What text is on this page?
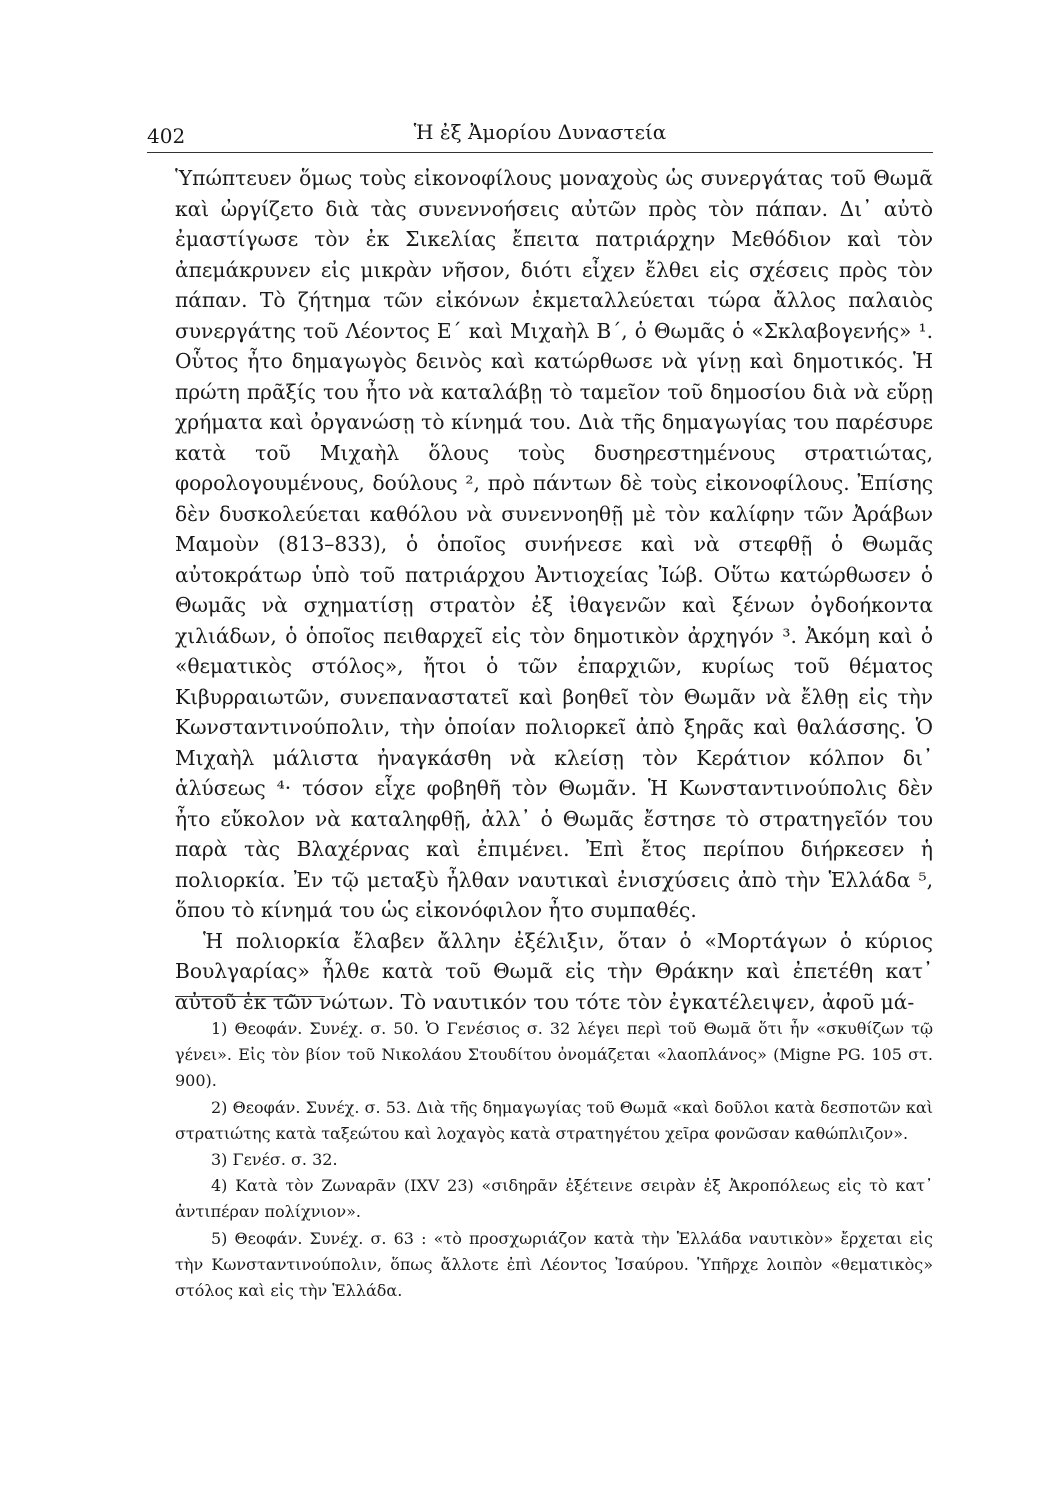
402	Ἡ ἐξ Ἀμορίου Δυναστεία

Ὑπώπτευεν ὅμως τοὺς εἰκονοφίλους μοναχοὺς ὡς συνεργάτας τοῦ Θωμᾶ καὶ ὠργίζετο διὰ τὰς συνεννοήσεις αὐτῶν πρὸς τὸν πάπαν. Δι᾿ αὐτὸ ἐμαστίγωσε τὸν ἐκ Σικελίας ἔπειτα πατριάρχην Μεθόδιον καὶ τὸν ἀπεμάκρυνεν εἰς μικρὰν νῆσον, διότι εἶχεν ἔλθει εἰς σχέσεις πρὸς τὸν πάπαν. Τὸ ζήτημα τῶν εἰκόνων ἐκμεταλλεύεται τώρα ἄλλος παλαιὸς συνεργάτης τοῦ Λέοντος Ε΄ καὶ Μιχαὴλ Β΄, ὁ Θωμᾶς ὁ «Σκλαβογενής» ¹. Οὗτος ἦτο δημαγωγὸς δεινὸς καὶ κατώρθωσε νὰ γίνῃ καὶ δημοτικός. Ἡ πρώτη πρᾶξίς του ἦτο νὰ καταλάβῃ τὸ ταμεῖον τοῦ δημοσίου διὰ νὰ εὕρῃ χρήματα καὶ ὀργανώσῃ τὸ κίνημά του. Διὰ τῆς δημαγωγίας του παρέσυρε κατὰ τοῦ Μιχαὴλ ὅλους τοὺς δυσηρεστημένους στρατιώτας, φορολογουμένους, δούλους ², πρὸ πάντων δὲ τοὺς εἰκονοφίλους. Ἐπίσης δὲν δυσκολεύεται καθόλου νὰ συνεννοηθῇ μὲ τὸν καλίφην τῶν Ἀράβων Μαμοὺν (813–833), ὁ ὁποῖος συνήνεσε καὶ νὰ στεφθῇ ὁ Θωμᾶς αὐτοκράτωρ ὑπὸ τοῦ πατριάρχου Ἀντιοχείας Ἰώβ. Οὕτω κατώρθωσεν ὁ Θωμᾶς νὰ σχηματίσῃ στρατὸν ἐξ ἰθαγενῶν καὶ ξένων ὀγδοήκοντα χιλιάδων, ὁ ὁποῖος πειθαρχεῖ εἰς τὸν δημοτικὸν ἀρχηγόν ³. Ἀκόμη καὶ ὁ «θεματικὸς στόλος», ἤτοι ὁ τῶν ἐπαρχιῶν, κυρίως τοῦ θέματος Κιβυρραιωτῶν, συνεπαναστατεῖ καὶ βοηθεῖ τὸν Θωμᾶν νὰ ἔλθῃ εἰς τὴν Κωνσταντινούπολιν, τὴν ὁποίαν πολιορκεῖ ἀπὸ ξηρᾶς καὶ θαλάσσης. Ὁ Μιχαὴλ μάλιστα ἠναγκάσθη νὰ κλείσῃ τὸν Κεράτιον κόλπον δι᾿ ἁλύσεως ⁴· τόσον εἶχε φοβηθῆ τὸν Θωμᾶν. Ἡ Κωνσταντινούπολις δὲν ἦτο εὔκολον νὰ καταληφθῇ, ἀλλ᾿ ὁ Θωμᾶς ἔστησε τὸ στρατηγεῖόν του παρὰ τὰς Βλαχέρνας καὶ ἐπιμένει. Ἐπὶ ἔτος περίπου διήρκεσεν ἡ πολιορκία. Ἐν τῷ μεταξὺ ἦλθαν ναυτικαὶ ἐνισχύσεις ἀπὸ τὴν Ἑλλάδα ⁵, ὅπου τὸ κίνημά του ὡς εἰκονόφιλον ἦτο συμπαθές.

Ἡ πολιορκία ἔλαβεν ἄλλην ἐξέλιξιν, ὅταν ὁ «Μορτάγων ὁ κύριος Βουλγαρίας» ἦλθε κατὰ τοῦ Θωμᾶ εἰς τὴν Θράκην καὶ ἐπετέθη κατ᾿ αὐτοῦ ἐκ τῶν νώτων. Τὸ ναυτικόν του τότε τὸν ἐγκατέλειψεν, ἀφοῦ μά-

1) Θεοφάν. Συνέχ. σ. 50. Ὁ Γενέσιος σ. 32 λέγει περὶ τοῦ Θωμᾶ ὅτι ἦν «σκυθίζων τῷ γένει». Εἰς τὸν βίον τοῦ Νικολάου Στουδίτου ὀνομάζεται «λαοπλάνος» (Migne PG. 105 στ. 900).

2) Θεοφάν. Συνέχ. σ. 53. Διὰ τῆς δημαγωγίας τοῦ Θωμᾶ «καὶ δοῦλοι κατὰ δεσποτῶν καὶ στρατιώτης κατὰ ταξεώτου καὶ λοχαγὸς κατὰ στρατηγέτου χεῖρα φονῶσαν καθώπλιζον».

3) Γενέσ. σ. 32.

4) Κατὰ τὸν Ζωναρᾶν (ΙΧV 23) «σιδηρᾶν ἐξέτεινε σειρὰν ἐξ Ἀκροπόλεως εἰς τὸ κατ᾿ ἀντιπέραν πολίχνιον».

5) Θεοφάν. Συνέχ. σ. 63 : «τὸ προσχωριάζον κατὰ τὴν Ἑλλάδα ναυτικὸν» ἔρχεται εἰς τὴν Κωνσταντινούπολιν, ὅπως ἄλλοτε ἐπὶ Λέοντος Ἰσαύρου. Ὑπῆρχε λοιπὸν «θεματικὸς» στόλος καὶ εἰς τὴν Ἑλλάδα.
